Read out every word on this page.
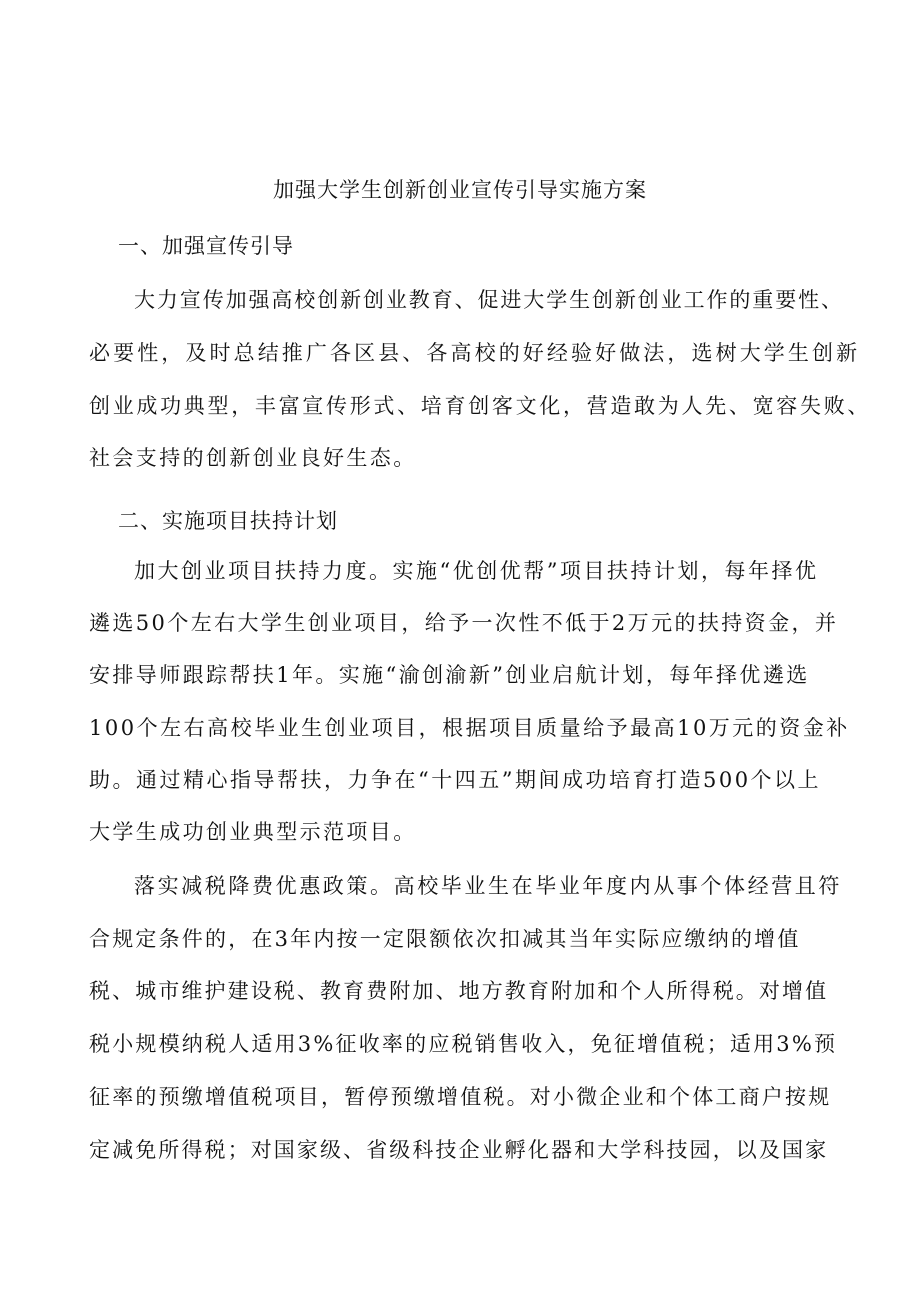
加强大学生创新创业宣传引导实施方案
一、加强宣传引导
大力宣传加强高校创新创业教育、促进大学生创新创业工作的重要性、
必要性，及时总结推广各区县、各高校的好经验好做法，选树大学生创新
创业成功典型，丰富宣传形式、培育创客文化，营造敢为人先、宽容失败、
社会支持的创新创业良好生态。
二、实施项目扶持计划
加大创业项目扶持力度。实施“优创优帮”项目扶持计划，每年择优
遴选50个左右大学生创业项目，给予一次性不低于2万元的扶持资金，并
安排导师跟踪帮扶1年。实施“渝创渝新”创业启航计划，每年择优遴选
100个左右高校毕业生创业项目，根据项目质量给予最高10万元的资金补
助。通过精心指导帮扶，力争在“十四五”期间成功培育打造500个以上
大学生成功创业典型示范项目。
落实减税降费优惠政策。高校毕业生在毕业年度内从事个体经营且符
合规定条件的，在3年内按一定限额依次扣减其当年实际应缴纳的增值
税、城市维护建设税、教育费附加、地方教育附加和个人所得税。对增值
税小规模纳税人适用3%征收率的应税销售收入，免征增值税；适用3%预
征率的预缴增值税项目，暂停预缴增值税。对小微企业和个体工商户按规
定减免所得税；对国家级、省级科技企业孵化器和大学科技园，以及国家
